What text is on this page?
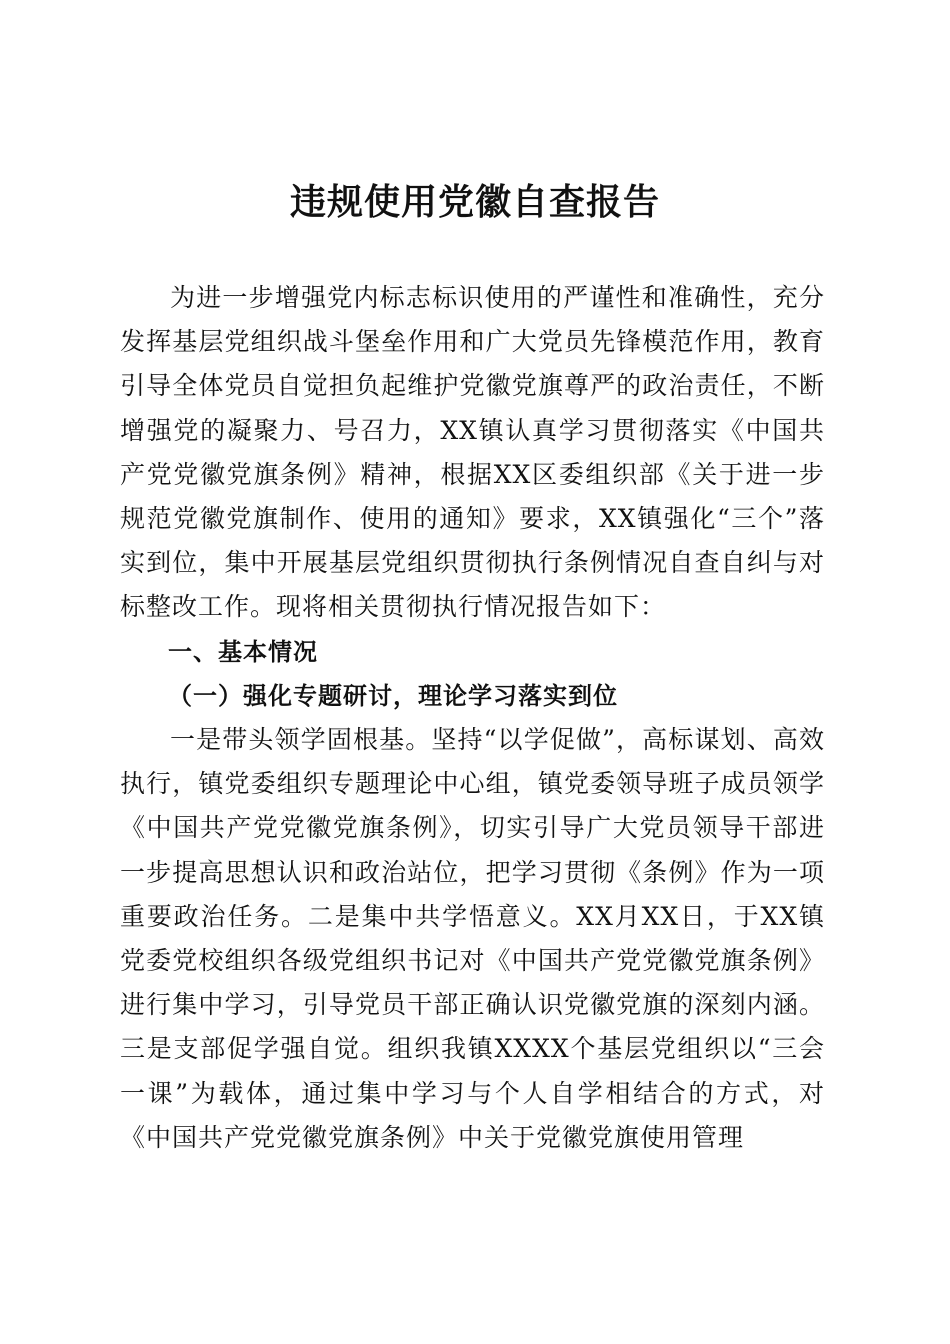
违规使用党徽自查报告

为进一步增强党内标志标识使用的严谨性和准确性，充分发挥基层党组织战斗堡垒作用和广大党员先锋模范作用，教育引导全体党员自觉担负起维护党徽党旗尊严的政治责任，不断增强党的凝聚力、号召力，XX镇认真学习贯彻落实《中国共产党党徽党旗条例》精神，根据XX区委组织部《关于进一步规范党徽党旗制作、使用的通知》要求，XX镇强化“三个”落实到位，集中开展基层党组织贯彻执行条例情况自查自纠与对标整改工作。现将相关贯彻执行情况报告如下：

一、基本情况

（一）强化专题研讨，理论学习落实到位

一是带头领学固根基。坚持“以学促做”，高标谋划、高效执行，镇党委组织专题理论中心组，镇党委领导班子成员领学《中国共产党党徽党旗条例》，切实引导广大党员领导干部进一步提高思想认识和政治站位，把学习贯彻《条例》作为一项重要政治任务。二是集中共学悟意义。XX月XX日，于XX镇党委党校组织各级党组织书记对《中国共产党党徽党旗条例》进行集中学习，引导党员干部正确认识党徽党旗的深刻内涵。三是支部促学强自觉。组织我镇XXXX个基层党组织以“三会一课”为载体，通过集中学习与个人自学相结合的方式，对《中国共产党党徽党旗条例》中关于党徽党旗使用管理
